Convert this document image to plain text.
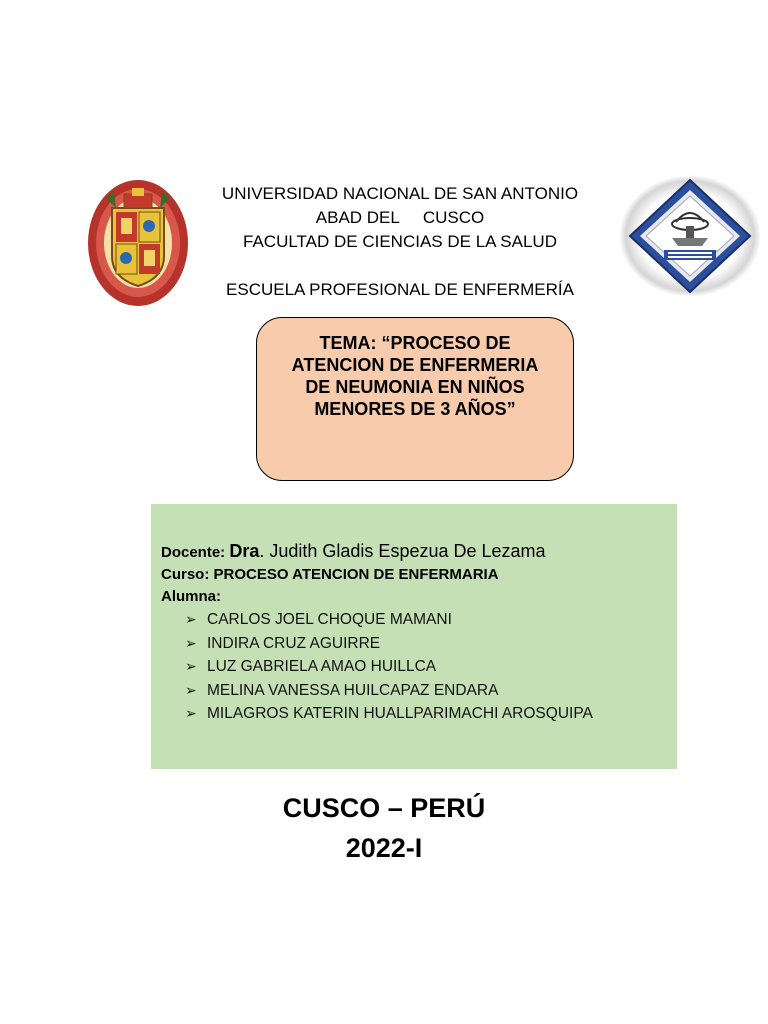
UNIVERSIDAD NACIONAL DE SAN ANTONIO
ABAD DEL     CUSCO
FACULTAD DE CIENCIAS DE LA SALUD
ESCUELA PROFESIONAL DE ENFERMERÍA
TEMA: “PROCESO DE ATENCION DE ENFERMERIA DE NEUMONIA EN NIÑOS MENORES DE 3 AÑOS”
Docente: Dra. Judith Gladis Espezua De Lezama
Curso: PROCESO ATENCION DE ENFERMARIA
Alumna:
➢ CARLOS JOEL CHOQUE MAMANI
➢ INDIRA CRUZ AGUIRRE
➢ LUZ GABRIELA AMAO HUILLCA
➢ MELINA VANESSA HUILCAPAZ ENDARA
➢ MILAGROS KATERIN HUALLPARIMACHI AROSQUIPA
CUSCO – PERÚ
2022-I
